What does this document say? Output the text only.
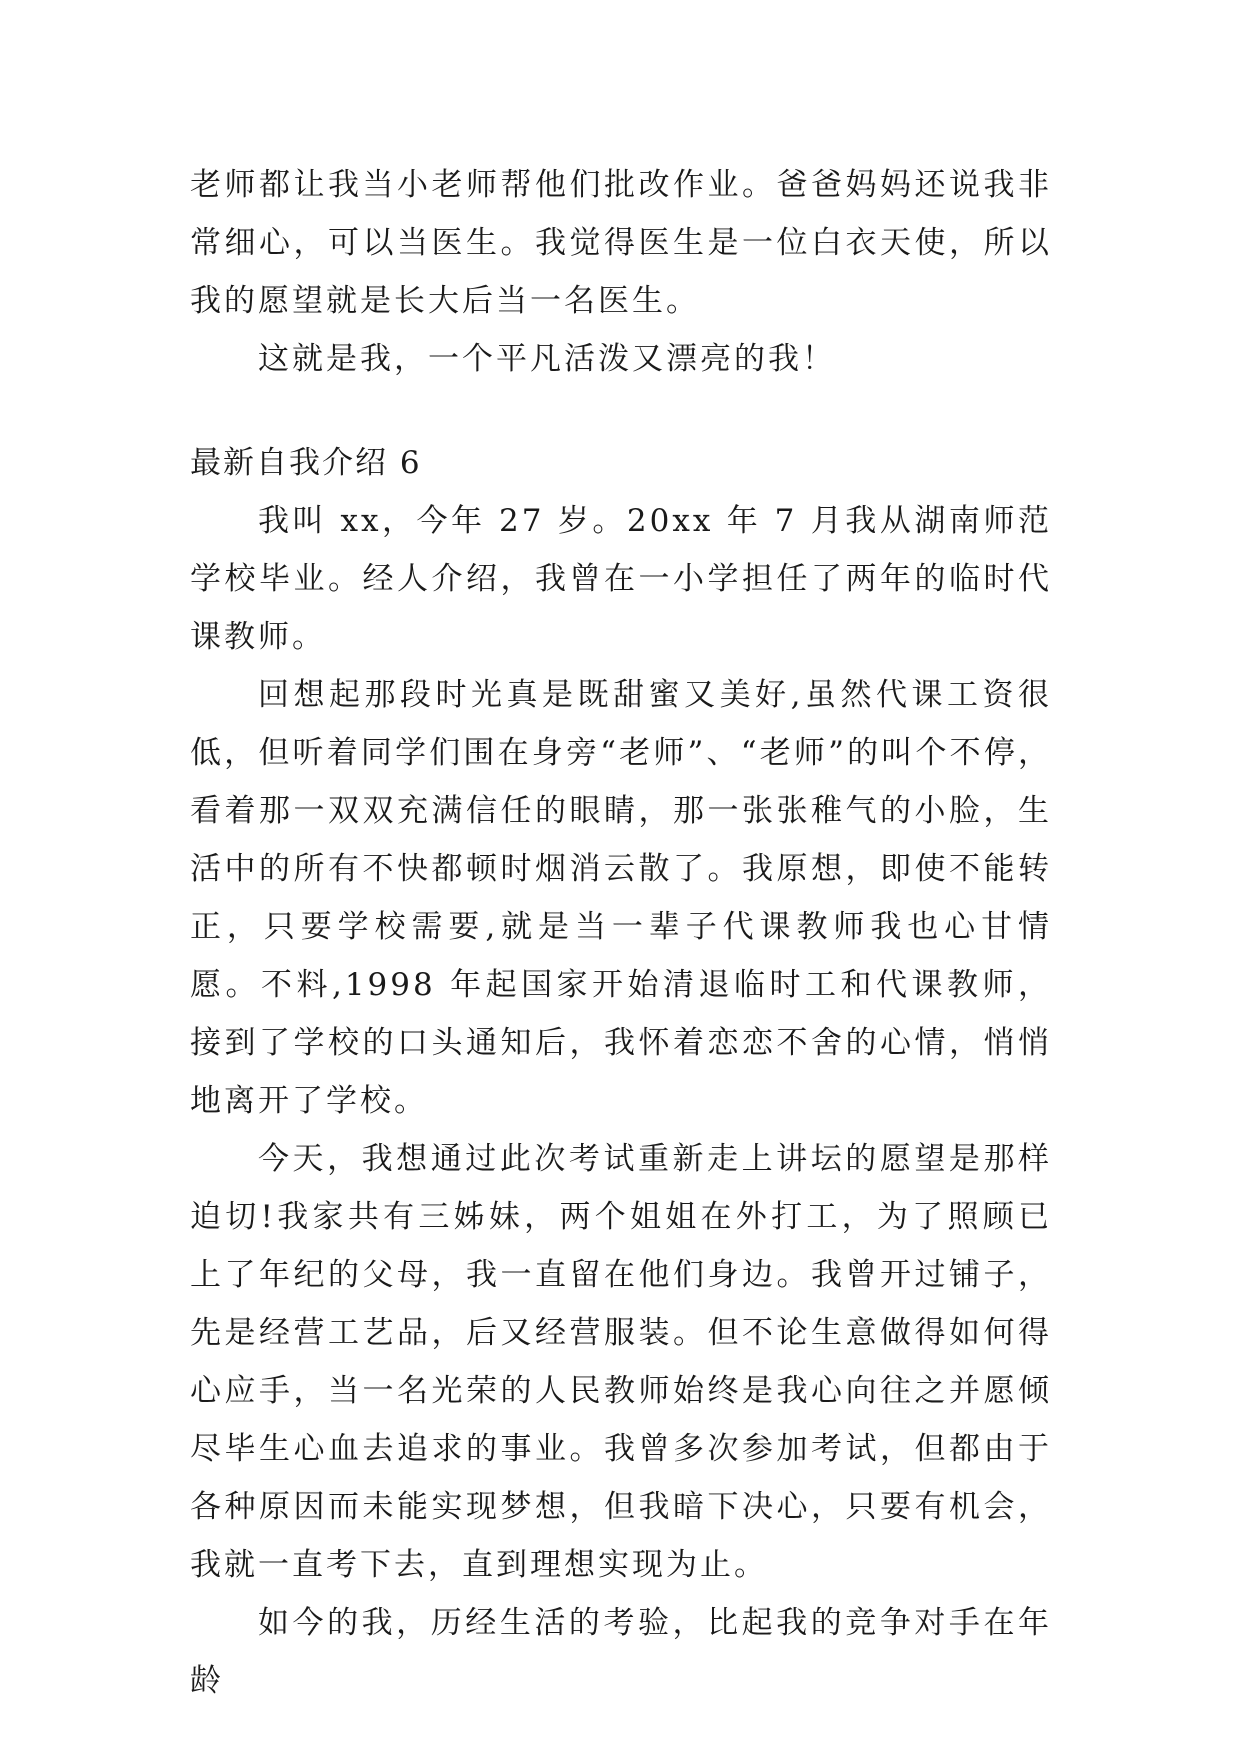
老师都让我当小老师帮他们批改作业。爸爸妈妈还说我非常细心，可以当医生。我觉得医生是一位白衣天使，所以我的愿望就是长大后当一名医生。

这就是我，一个平凡活泼又漂亮的我！

最新自我介绍 6

我叫 xx，今年 27 岁。20xx 年 7 月我从湖南师范学校毕业。经人介绍，我曾在一小学担任了两年的临时代课教师。

回想起那段时光真是既甜蜜又美好,虽然代课工资很低，但听着同学们围在身旁“老师”、“老师”的叫个不停，看着那一双双充满信任的眼睛，那一张张稚气的小脸，生活中的所有不快都顿时烟消云散了。我原想，即使不能转正，只要学校需要,就是当一辈子代课教师我也心甘情愿。不料,1998 年起国家开始清退临时工和代课教师，接到了学校的口头通知后，我怀着恋恋不舍的心情，悄悄地离开了学校。

今天，我想通过此次考试重新走上讲坛的愿望是那样迫切!我家共有三姊妹，两个姐姐在外打工，为了照顾已上了年纪的父母，我一直留在他们身边。我曾开过铺子，先是经营工艺品，后又经营服装。但不论生意做得如何得心应手，当一名光荣的人民教师始终是我心向往之并愿倾尽毕生心血去追求的事业。我曾多次参加考试，但都由于各种原因而未能实现梦想，但我暗下决心，只要有机会，我就一直考下去，直到理想实现为止。

如今的我，历经生活的考验，比起我的竞争对手在年龄
